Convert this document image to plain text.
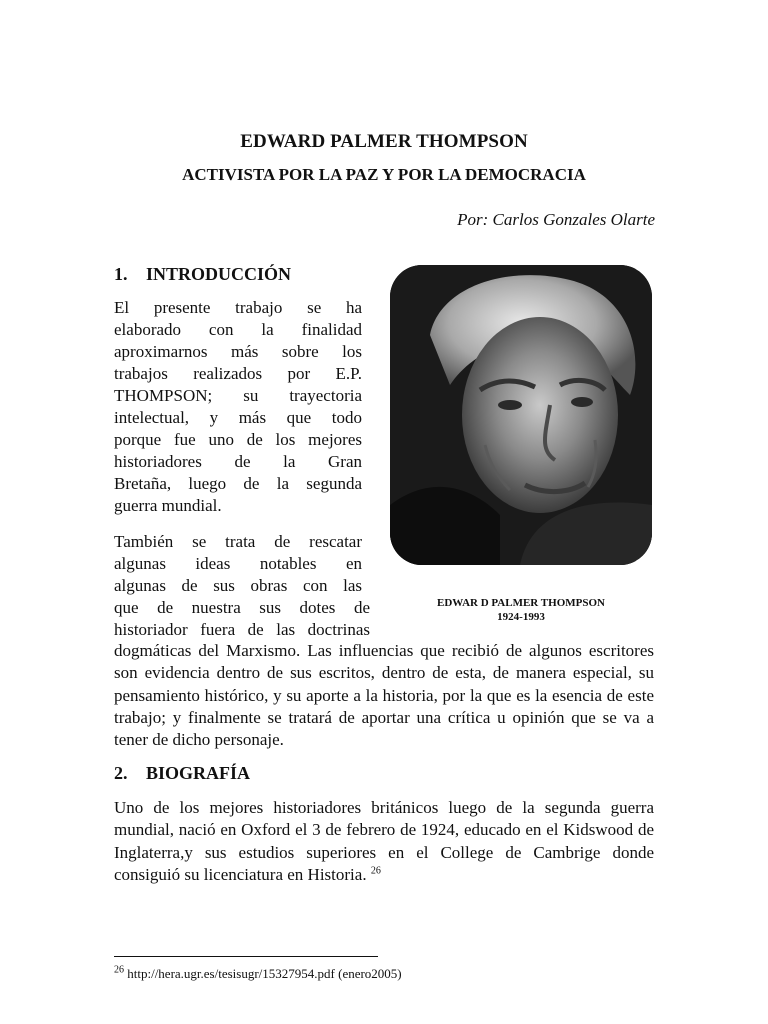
EDWARD PALMER THOMPSON
ACTIVISTA POR LA PAZ Y POR LA DEMOCRACIA
Por: Carlos Gonzales Olarte
1. INTRODUCCIÓN

El presente trabajo se ha
elaborado con la finalidad
aproximarnos más sobre los
trabajos realizados por E.P.
THOMPSON; su trayectoria
intelectual, y más que todo
porque fue uno de los mejores
historiadores de la Gran
Bretaña, luego de la segunda
guerra mundial.

También se trata de rescatar
algunas ideas notables en
algunas de sus obras con las
que de nuestra sus dotes de
historiador fuera de las doctrinas

dogmáticas del Marxismo. Las influencias que recibió de algunos escritores son evidencia dentro de sus escritos, dentro de esta, de manera especial, su pensamiento histórico, y su aporte a la historia, por la que es la esencia de este trabajo; y finalmente se tratará de aportar una crítica u opinión que se va a tener de dicho personaje.

EDWAR D PALMER THOMPSON
1924-1993
2. BIOGRAFÍA

Uno de los mejores historiadores británicos luego de la segunda guerra mundial, nació en Oxford el 3 de febrero de 1924, educado en el Kidswood de Inglaterra,y sus estudios superiores en el College de Cambrige donde consiguió su licenciatura en Historia. $^{26}$

$^{26}$ http://hera.ugr.es/tesisugr/15327954.pdf (enero2005)
